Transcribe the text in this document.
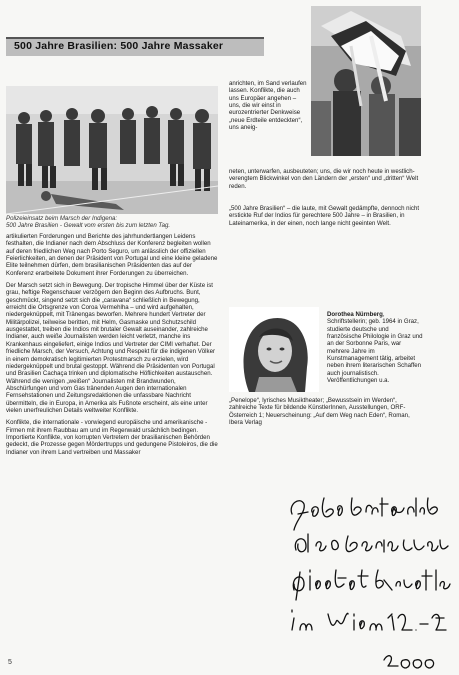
500 Jahre Brasilien: 500 Jahre Massaker
Polizeieinsatz beim Marsch der Indigena:
500 Jahre Brasilien - Gewalt vom ersten bis zum letzten Tag.

artikulierten Forderungen und Berichte des jahrhundertlangen Leidens festhalten, die Indianer nach dem Abschluss der Konferenz begleiten wollen auf deren friedlichen Weg nach Porto Seguro, um anlässlich der offiziellen Feierlichkeiten, an denen der Präsident von Portugal und eine kleine geladene Elite teilnehmen dürfen, dem brasilianischen Präsidenten das auf der Konferenz erarbeitete Dokument ihrer Forderungen zu überreichen.

Der Marsch setzt sich in Bewegung. Der tropische Himmel über der Küste ist grau, heftige Regenschauer verzögern den Beginn des Aufbruchs. Bunt, geschmückt, singend setzt sich die „caravana“ schließlich in Bewegung, erreicht die Ortsgrenze von Coroa Vermehlha – und wird aufgehalten, niedergeknüppelt, mit Tränengas beworfen. Mehrere hundert Vertreter der Militärpolizei, teilweise beritten, mit Helm, Gasmaske und Schutzschild ausgestattet, treiben die Indios mit brutaler Gewalt auseinander, zahlreiche Indianer, auch weiße Journalisten werden leicht verletzt, manche ins Krankenhaus eingeliefert, einige Indios und Vertreter der CIMI verhaftet. Der friedliche Marsch, der Versuch, Achtung und Respekt für die indigenen Völker in einem demokratisch legitimierten Protestmarsch zu erzielen, wird niedergeknüppelt und brutal gestoppt. Während die Präsidenten von Portugal und Brasilien Cachaça trinken und diplomatische Höflichkeiten austauschen. Während die wenigen „weißen“ Journalisten mit Brandwunden, Abschürfungen und vom Gas tränenden Augen den internationalen Fernsehstationen und Zeitungsredaktionen die unfassbare Nachricht übermitteln, die in Europa, in Amerika als Fußnote erscheint, als eine unter vielen unerfreulichen Details weltweiter Konflikte.

Konflikte, die internationale - vorwiegend europäische und amerikanische - Firmen mit ihrem Raubbau am und im Regenwald ursächlich bedingen. Importierte Konflikte, von korrupten Vertretern der brasilianischen Behörden gedeckt, die Prozesse gegen Mördertrupps und gedungene Pistoleiros, die die Indianer von ihrem Land vertreiben und Massaker

anrichten, im Sand verlaufen lassen. Konflikte, die auch uns Europäer angehen – uns, die wir einst in eurozentrierter Denkweise „neue Erdteile entdeckten“, uns aneig-
neten, unterwarfen, ausbeuteten; uns, die wir noch heute in westlich-verengtem Blickwinkel von den Ländern der „ersten“ und „dritten“ Welt reden.
„500 Jahre Brasilien“ – die laute, mit Gewalt gedämpfte, dennoch nicht erstickte Ruf der Indios für gerechtere 500 Jahre – in Brasilien, in Lateinamerika, in der einen, noch lange nicht geeinten Welt.
Dorothea Nürnberg, Schriftstellerin; geb. 1964 in Graz, studierte deutsche und französische Philologie in Graz und an der Sorbonne Paris, war mehrere Jahre im Kunstmanagement tätig, arbeitet neben ihrem literarischen Schaffen auch journalistisch. Veröffentlichungen u.a.
„Penelope“, lyrisches Musiktheater; „Bewusstsein im Werden“, zahlreiche Texte für bildende KünstlerInnen, Ausstellungen, ORF-Österreich 1; Neuerscheinung: „Auf dem Weg nach Eden“, Roman, Ibera Verlag
5
